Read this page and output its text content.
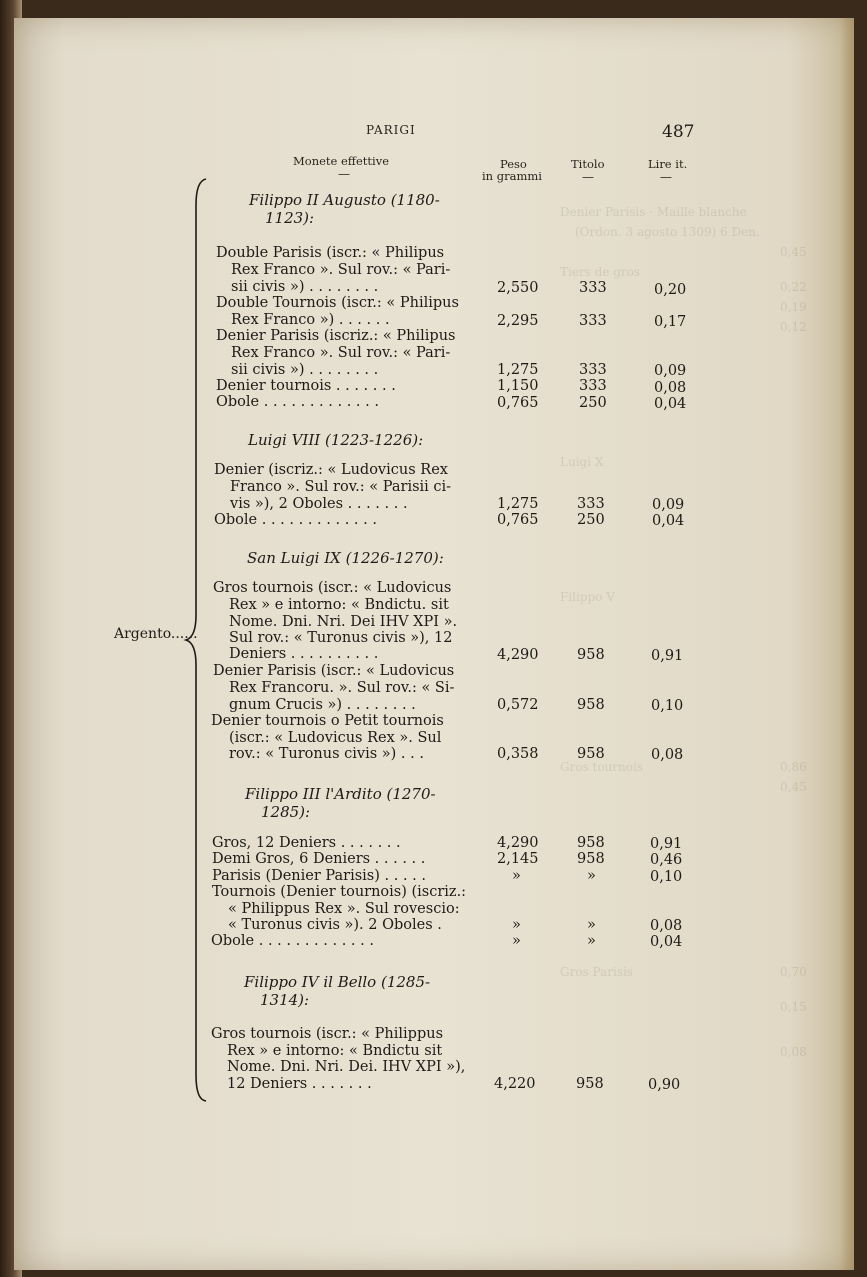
Denier Parisis · Maille blanche
(Ordon. 3 agosto 1309) 6 Den.
Tiers de gros
0,45
0,22
0,19
0,12
Luigi X
Filippo V
Gros tournois	0,86
0,45
Gros Parisis	0,70
0,15
0,08
PARIGI	487
Monete effettive
—
Peso
in grammi
Titolo
—
Lire it.
—
Argento......
Filippo II Augusto (1180-
1123):
Double Parisis (iscr.: « Philipus
Rex Franco ». Sul rov.: « Pari-
sii civis ») . . . . . . . .	2,550	333	0,20
Double Tournois (iscr.: « Philipus
Rex Franco ») . . . . . .	2,295	333	0,17
Denier Parisis (iscriz.: « Philipus
Rex Franco ». Sul rov.: « Pari-
sii civis ») . . . . . . . .	1,275	333	0,09
Denier tournois . . . . . . .	1,150	333	0,08
Obole . . . . . . . . . . . . .	0,765	250	0,04
Luigi VIII (1223-1226):
Denier (iscriz.: « Ludovicus Rex
Franco ». Sul rov.: « Parisii ci-
vis »), 2 Oboles . . . . . . .	1,275	333	0,09
Obole . . . . . . . . . . . . .	0,765	250	0,04
San Luigi IX (1226-1270):
Gros tournois (iscr.: « Ludovicus
Rex » e intorno: « Bndictu. sit
Nome. Dni. Nri. Dei IHV XPI ».
Sul rov.: « Turonus civis »), 12
Deniers . . . . . . . . . .	4,290	958	0,91
Denier Parisis (iscr.: « Ludovicus
Rex Francoru. ». Sul rov.: « Si-
gnum Crucis ») . . . . . . . .	0,572	958	0,10
Denier tournois o Petit tournois
(iscr.: « Ludovicus Rex ». Sul
rov.: « Turonus civis ») . . .	0,358	958	0,08
Filippo III l'Ardito (1270-
1285):
Gros, 12 Deniers . . . . . . .	4,290	958	0,91
Demi Gros, 6 Deniers . . . . . .	2,145	958	0,46
Parisis (Denier Parisis) . . . . .	»	»	0,10
Tournois (Denier tournois) (iscriz.:
« Philippus Rex ». Sul rovescio:
« Turonus civis »). 2 Oboles .	»	»	0,08
Obole . . . . . . . . . . . . .	»	»	0,04
Filippo IV il Bello (1285-
1314):
Gros tournois (iscr.: « Philippus
Rex » e intorno: « Bndictu sit
Nome. Dni. Nri. Dei. IHV XPI »),
12 Deniers . . . . . . .	4,220	958	0,90
